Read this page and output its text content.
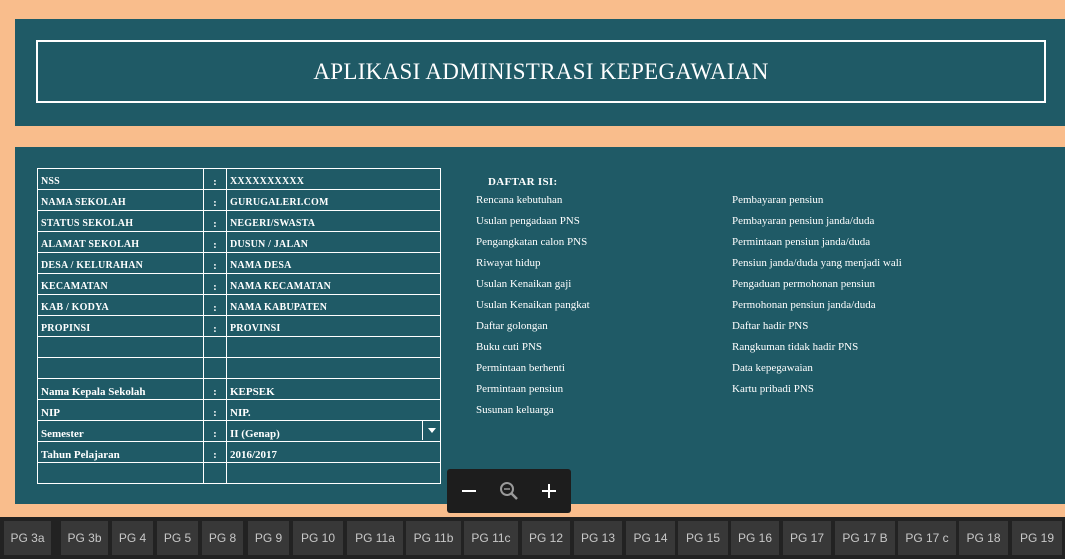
APLIKASI ADMINISTRASI KEPEGAWAIAN
NSS	:	XXXXXXXXXX
NAMA SEKOLAH	:	GURUGALERI.COM
STATUS SEKOLAH	:	NEGERI/SWASTA
ALAMAT SEKOLAH	:	DUSUN / JALAN
DESA / KELURAHAN	:	NAMA DESA
KECAMATAN	:	NAMA KECAMATAN
KAB / KODYA	:	NAMA KABUPATEN
PROPINSI	:	PROVINSI

Nama Kepala Sekolah	:	KEPSEK
NIP	:	NIP.
Semester	:	II (Genap)

Tahun Pelajaran	:	2016/2017

DAFTAR ISI:
Rencana kebutuhan
Usulan pengadaan PNS
Pengangkatan calon PNS
Riwayat hidup
Usulan Kenaikan gaji
Usulan Kenaikan pangkat
Daftar golongan
Buku cuti PNS
Permintaan berhenti
Permintaan pensiun
Susunan keluarga
Pembayaran pensiun
Pembayaran pensiun janda/duda
Permintaan pensiun janda/duda
Pensiun janda/duda yang menjadi wali
Pengaduan permohonan pensiun
Permohonan pensiun janda/duda
Daftar hadir PNS
Rangkuman tidak hadir PNS
Data kepegawaian
Kartu pribadi PNS
PG 3a	PG 3b	PG 4	PG 5	PG 8	PG 9	PG 10	PG 11a	PG 11b	PG 11c	PG 12	PG 13	PG 14	PG 15	PG 16	PG 17	PG 17 B	PG 17 c	PG 18	PG 19
